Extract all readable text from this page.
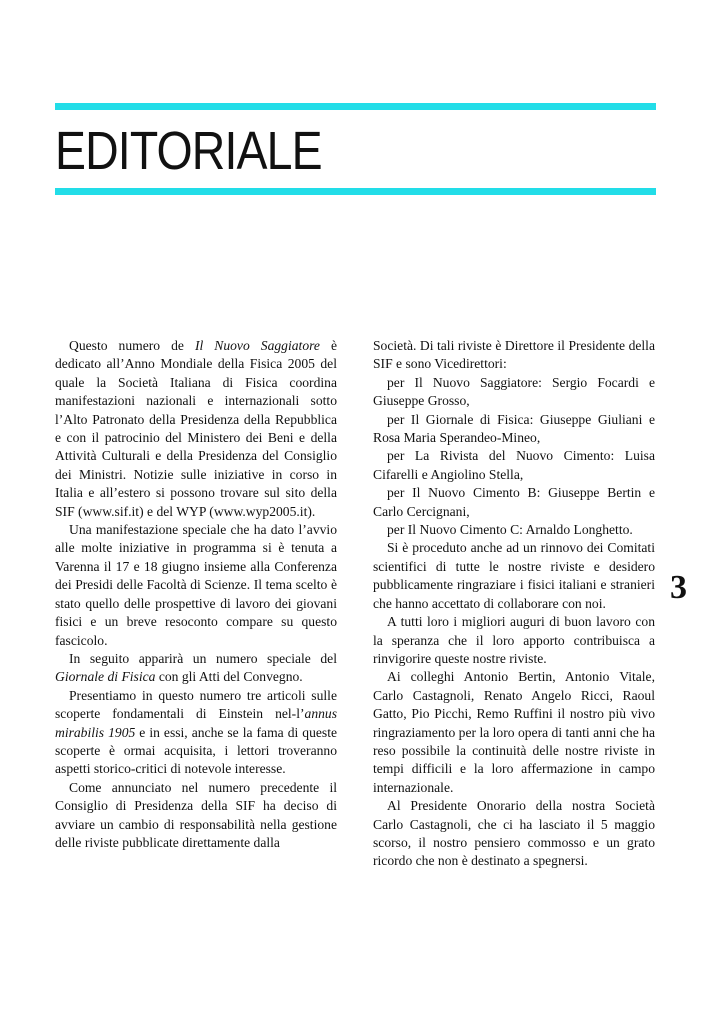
EDITORIALE

Questo numero de Il Nuovo Saggiatore è dedicato all’Anno Mondiale della Fisica 2005 del quale la Società Italiana di Fisica coordina manifestazioni nazionali e internazionali sotto l’Alto Patronato della Presidenza della Repubblica e con il patrocinio del Ministero dei Beni e della Attività Culturali e della Presidenza del Consiglio dei Ministri. Notizie sulle iniziative in corso in Italia e all’estero si possono trovare sul sito della SIF (www.sif.it) e del WYP (www.wyp2005.it).

Una manifestazione speciale che ha dato l’avvio alle molte iniziative in programma si è tenuta a Varenna il 17 e 18 giugno insieme alla Conferenza dei Presidi delle Facoltà di Scienze. Il tema scelto è stato quello delle prospettive di lavoro dei giovani fisici e un breve resoconto compare su questo fascicolo.

In seguito apparirà un numero speciale del Giornale di Fisica con gli Atti del Convegno.

Presentiamo in questo numero tre articoli sulle scoperte fondamentali di Einstein nel-l’annus mirabilis 1905 e in essi, anche se la fama di queste scoperte è ormai acquisita, i lettori troveranno aspetti storico-critici di notevole interesse.

Come annunciato nel numero precedente il Consiglio di Presidenza della SIF ha deciso di avviare un cambio di responsabilità nella gestione delle riviste pubblicate direttamente dalla

Società. Di tali riviste è Direttore il Presidente della SIF e sono Vicedirettori:

per Il Nuovo Saggiatore: Sergio Focardi e Giuseppe Grosso,

per Il Giornale di Fisica: Giuseppe Giuliani e Rosa Maria Sperandeo-Mineo,

per La Rivista del Nuovo Cimento: Luisa Cifarelli e Angiolino Stella,

per Il Nuovo Cimento B: Giuseppe Bertin e Carlo Cercignani,

per Il Nuovo Cimento C: Arnaldo Longhetto.

Si è proceduto anche ad un rinnovo dei Comitati scientifici di tutte le nostre riviste e desidero pubblicamente ringraziare i fisici italiani e stranieri che hanno accettato di collaborare con noi.

A tutti loro i migliori auguri di buon lavoro con la speranza che il loro apporto contribuisca a rinvigorire queste nostre riviste.

Ai colleghi Antonio Bertin, Antonio Vitale, Carlo Castagnoli, Renato Angelo Ricci, Raoul Gatto, Pio Picchi, Remo Ruffini il nostro più vivo ringraziamento per la loro opera di tanti anni che ha reso possibile la continuità delle nostre riviste in tempi difficili e la loro affermazione in campo internazionale.

Al Presidente Onorario della nostra Società Carlo Castagnoli, che ci ha lasciato il 5 maggio scorso, il nostro pensiero commosso e un grato ricordo che non è destinato a spegnersi.

3
